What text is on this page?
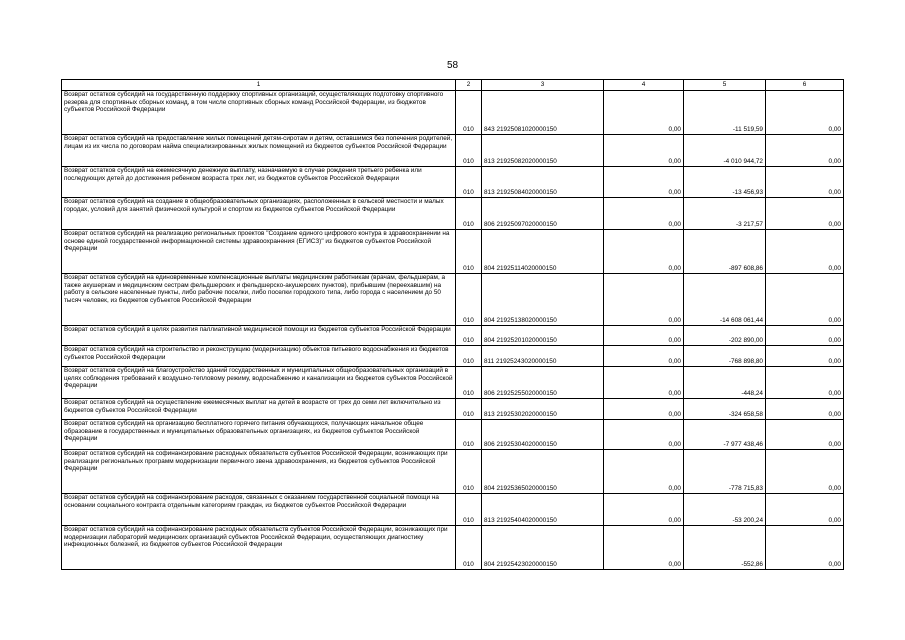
58
1	2	3	4	5	6
Возврат остатков субсидий на государственную поддержку спортивных организаций, осуществляющих подготовку спортивного резерва для спортивных сборных команд, в том числе спортивных сборных команд Российской Федерации, из бюджетов субъектов Российской Федерации	010	843 21925081020000150	0,00	-11 519,59	0,00
Возврат остатков субсидий на предоставление жилых помещений детям-сиротам и детям, оставшимся без попечения родителей, лицам из их числа по договорам найма специализированных жилых помещений из бюджетов субъектов Российской Федерации	010	813 21925082020000150	0,00	-4 010 944,72	0,00
Возврат остатков субсидий на ежемесячную денежную выплату, назначаемую в случае рождения третьего ребенка или последующих детей до достижения ребенком возраста трех лет, из бюджетов субъектов Российской Федерации	010	813 21925084020000150	0,00	-13 456,93	0,00
Возврат остатков субсидий на создание в общеобразовательных организациях, расположенных в сельской местности и малых городах, условий для занятий физической культурой и спортом из бюджетов субъектов Российской Федерации	010	806 21925097020000150	0,00	-3 217,57	0,00
Возврат остатков субсидий на реализацию региональных проектов "Создание единого цифрового контура в здравоохранении на основе единой государственной информационной системы здравоохранения (ЕГИСЗ)" из бюджетов субъектов Российской Федерации	010	804 21925114020000150	0,00	-897 608,86	0,00
Возврат остатков субсидий на единовременные компенсационные выплаты медицинским работникам (врачам, фельдшерам, а также акушеркам и медицинским сестрам фельдшерских и фельдшерско-акушерских пунктов), прибывшим (переехавшим) на работу в сельские населенные пункты, либо рабочие поселки, либо поселки городского типа, либо города с населением до 50 тысяч человек, из бюджетов субъектов Российской Федерации	010	804 21925138020000150	0,00	-14 608 061,44	0,00
Возврат остатков субсидий в целях развития паллиативной медицинской помощи из бюджетов субъектов Российской Федерации	010	804 21925201020000150	0,00	-202 890,00	0,00
Возврат остатков субсидий на строительство и реконструкцию (модернизацию) объектов питьевого водоснабжения из бюджетов субъектов Российской Федерации	010	811 21925243020000150	0,00	-768 898,80	0,00
Возврат остатков субсидий на благоустройство зданий государственных и муниципальных общеобразовательных организаций в целях соблюдения требований к воздушно-тепловому режиму, водоснабжению и канализации из бюджетов субъектов Российской Федерации	010	806 21925255020000150	0,00	-448,24	0,00
Возврат остатков субсидий на осуществление ежемесячных выплат на детей в возрасте от трех до семи лет включительно из бюджетов субъектов Российской Федерации	010	813 21925302020000150	0,00	-324 658,58	0,00
Возврат остатков субсидий на организацию бесплатного горячего питания обучающихся, получающих начальное общее образование в государственных и муниципальных образовательных организациях, из бюджетов субъектов Российской Федерации	010	806 21925304020000150	0,00	-7 977 438,46	0,00
Возврат остатков субсидий на софинансирование расходных обязательств субъектов Российской Федерации, возникающих при реализации региональных программ модернизации первичного звена здравоохранения, из бюджетов субъектов Российской Федерации	010	804 21925365020000150	0,00	-778 715,83	0,00
Возврат остатков субсидий на софинансирование расходов, связанных с оказанием государственной социальной помощи на основании социального контракта отдельным категориям граждан, из бюджетов субъектов Российской Федерации	010	813 21925404020000150	0,00	-53 200,24	0,00
Возврат остатков субсидий на софинансирование расходных обязательств субъектов Российской Федерации, возникающих при модернизации лабораторий медицинских организаций субъектов Российской Федерации, осуществляющих диагностику инфекционных болезней, из бюджетов субъектов Российской Федерации	010	804 21925423020000150	0,00	-552,86	0,00
